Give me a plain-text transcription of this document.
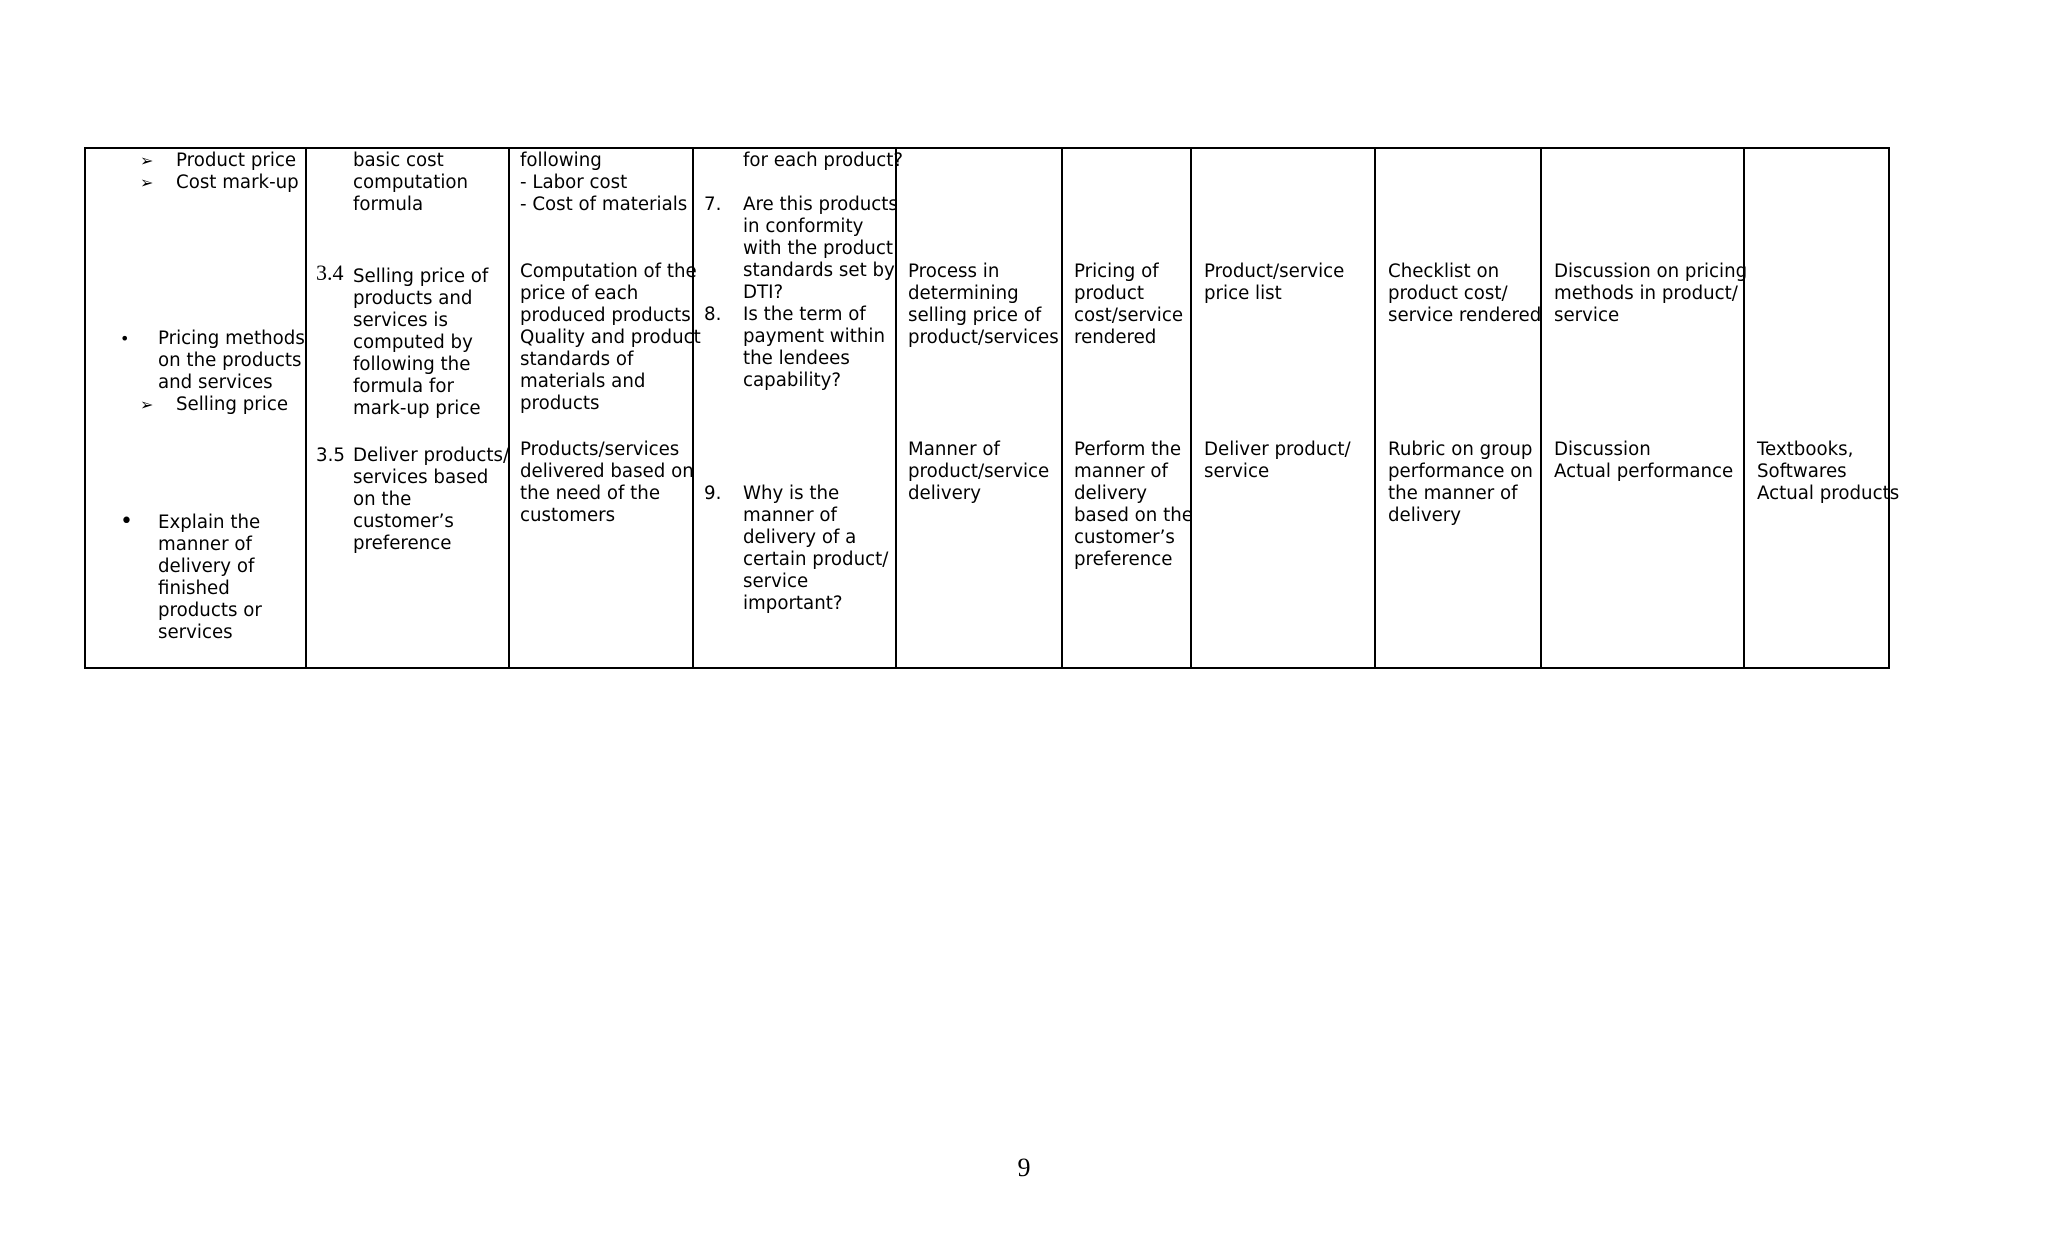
➢ Product price

➢ Cost mark-up

• Pricing methods

on the products

and services

➢ Selling price

• Explain the

manner of

delivery of

finished

products or

services

basic cost

computation

formula

3.4 Selling price of

products and

services is

computed by

following the

formula for

mark-up price

3.5 Deliver products/

services based

on the

customer’s

preference

following

- Labor cost

- Cost of materials

Computation of the

price of each

produced products

Quality and product

standards of

materials and

products

Products/services

delivered based on

the need of the

customers

for each product?

7. Are this products

in conformity

with the product

standards set by

DTI?

8. Is the term of

payment within

the lendees

capability?

9. Why is the

manner of

delivery of a

certain product/

service

important?

Process in

determining

selling price of

product/services

Manner of

product/service

delivery

Pricing of

product

cost/service

rendered

Perform the

manner of

delivery

based on the

customer’s

preference

Product/service

price list

Deliver product/

service

Checklist on

product cost/

service rendered

Rubric on group

performance on

the manner of

delivery

Discussion on pricing

methods in product/

service

Discussion

Actual performance

Textbooks,

Softwares

Actual products

9
